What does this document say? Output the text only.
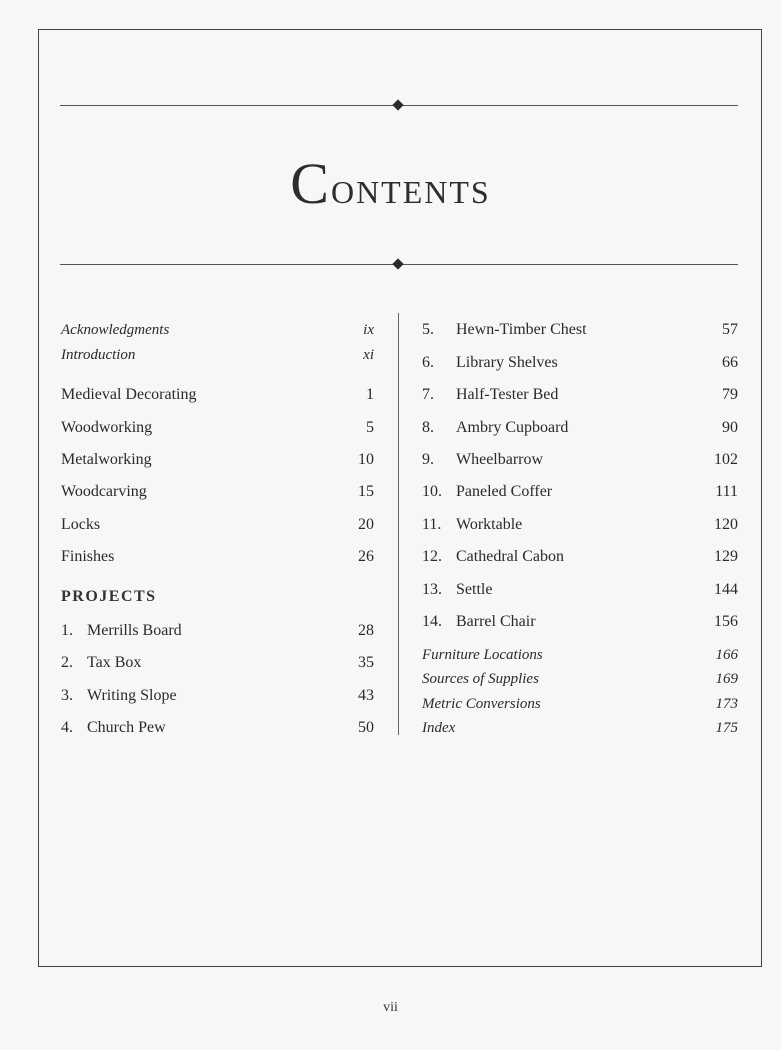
Contents
Acknowledgments	ix
Introduction	xi
Medieval Decorating	1
Woodworking	5
Metalworking	10
Woodcarving	15
Locks	20
Finishes	26
PROJECTS
1. Merrills Board	28
2. Tax Box	35
3. Writing Slope	43
4. Church Pew	50
5. Hewn-Timber Chest	57
6. Library Shelves	66
7. Half-Tester Bed	79
8. Ambry Cupboard	90
9. Wheelbarrow	102
10. Paneled Coffer	111
11. Worktable	120
12. Cathedral Cabon	129
13. Settle	144
14. Barrel Chair	156
Furniture Locations	166
Sources of Supplies	169
Metric Conversions	173
Index	175
vii
